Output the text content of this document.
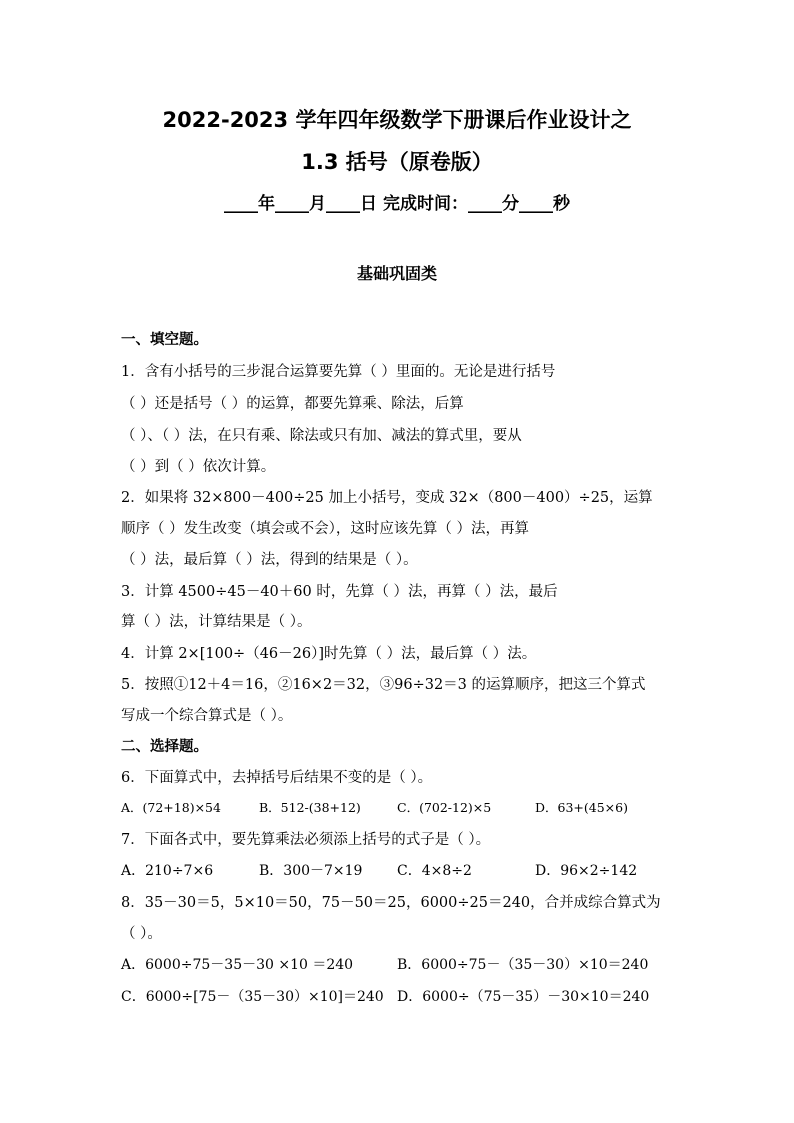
2022-2023 学年四年级数学下册课后作业设计之
1.3 括号（原卷版）
____年____月____日 完成时间：____分____秒
基础巩固类
一、填空题。
1．含有小括号的三步混合运算要先算（ ）里面的。无论是进行括号
（ ）还是括号（ ）的运算，都要先算乘、除法，后算
（ ）、（ ）法，在只有乘、除法或只有加、减法的算式里，要从
（ ）到（ ）依次计算。
2．如果将 32×800－400÷25 加上小括号，变成 32×（800－400）÷25，运算
顺序（ ）发生改变（填会或不会），这时应该先算（ ）法，再算
（ ）法，最后算（ ）法，得到的结果是（ ）。
3．计算 4500÷45－40＋60 时，先算（ ）法，再算（ ）法，最后
算（ ）法，计算结果是（ ）。
4．计算 2×[100÷（46－26）]时先算（ ）法，最后算（ ）法。
5．按照①12＋4＝16，②16×2＝32，③96÷32＝3 的运算顺序，把这三个算式
写成一个综合算式是（ ）。
二、选择题。
6．下面算式中，去掉括号后结果不变的是（ ）。
A．(72+18)×54	B．512-(38+12)	C．(702-12)×5	D．63+(45×6)
7．下面各式中，要先算乘法必须添上括号的式子是（ ）。
A．210÷7×6	B．300－7×19 C．4×8÷2	D．96×2÷142
8．35－30＝5，5×10＝50，75－50＝25，6000÷25＝240，合并成综合算式为
（ ）。
A．6000÷75－35－30 ×10 ＝240	B．6000÷75－（35－30）×10＝240
C．6000÷[75－（35－30）×10]＝240 D．6000÷（75－35）－30×10＝240
